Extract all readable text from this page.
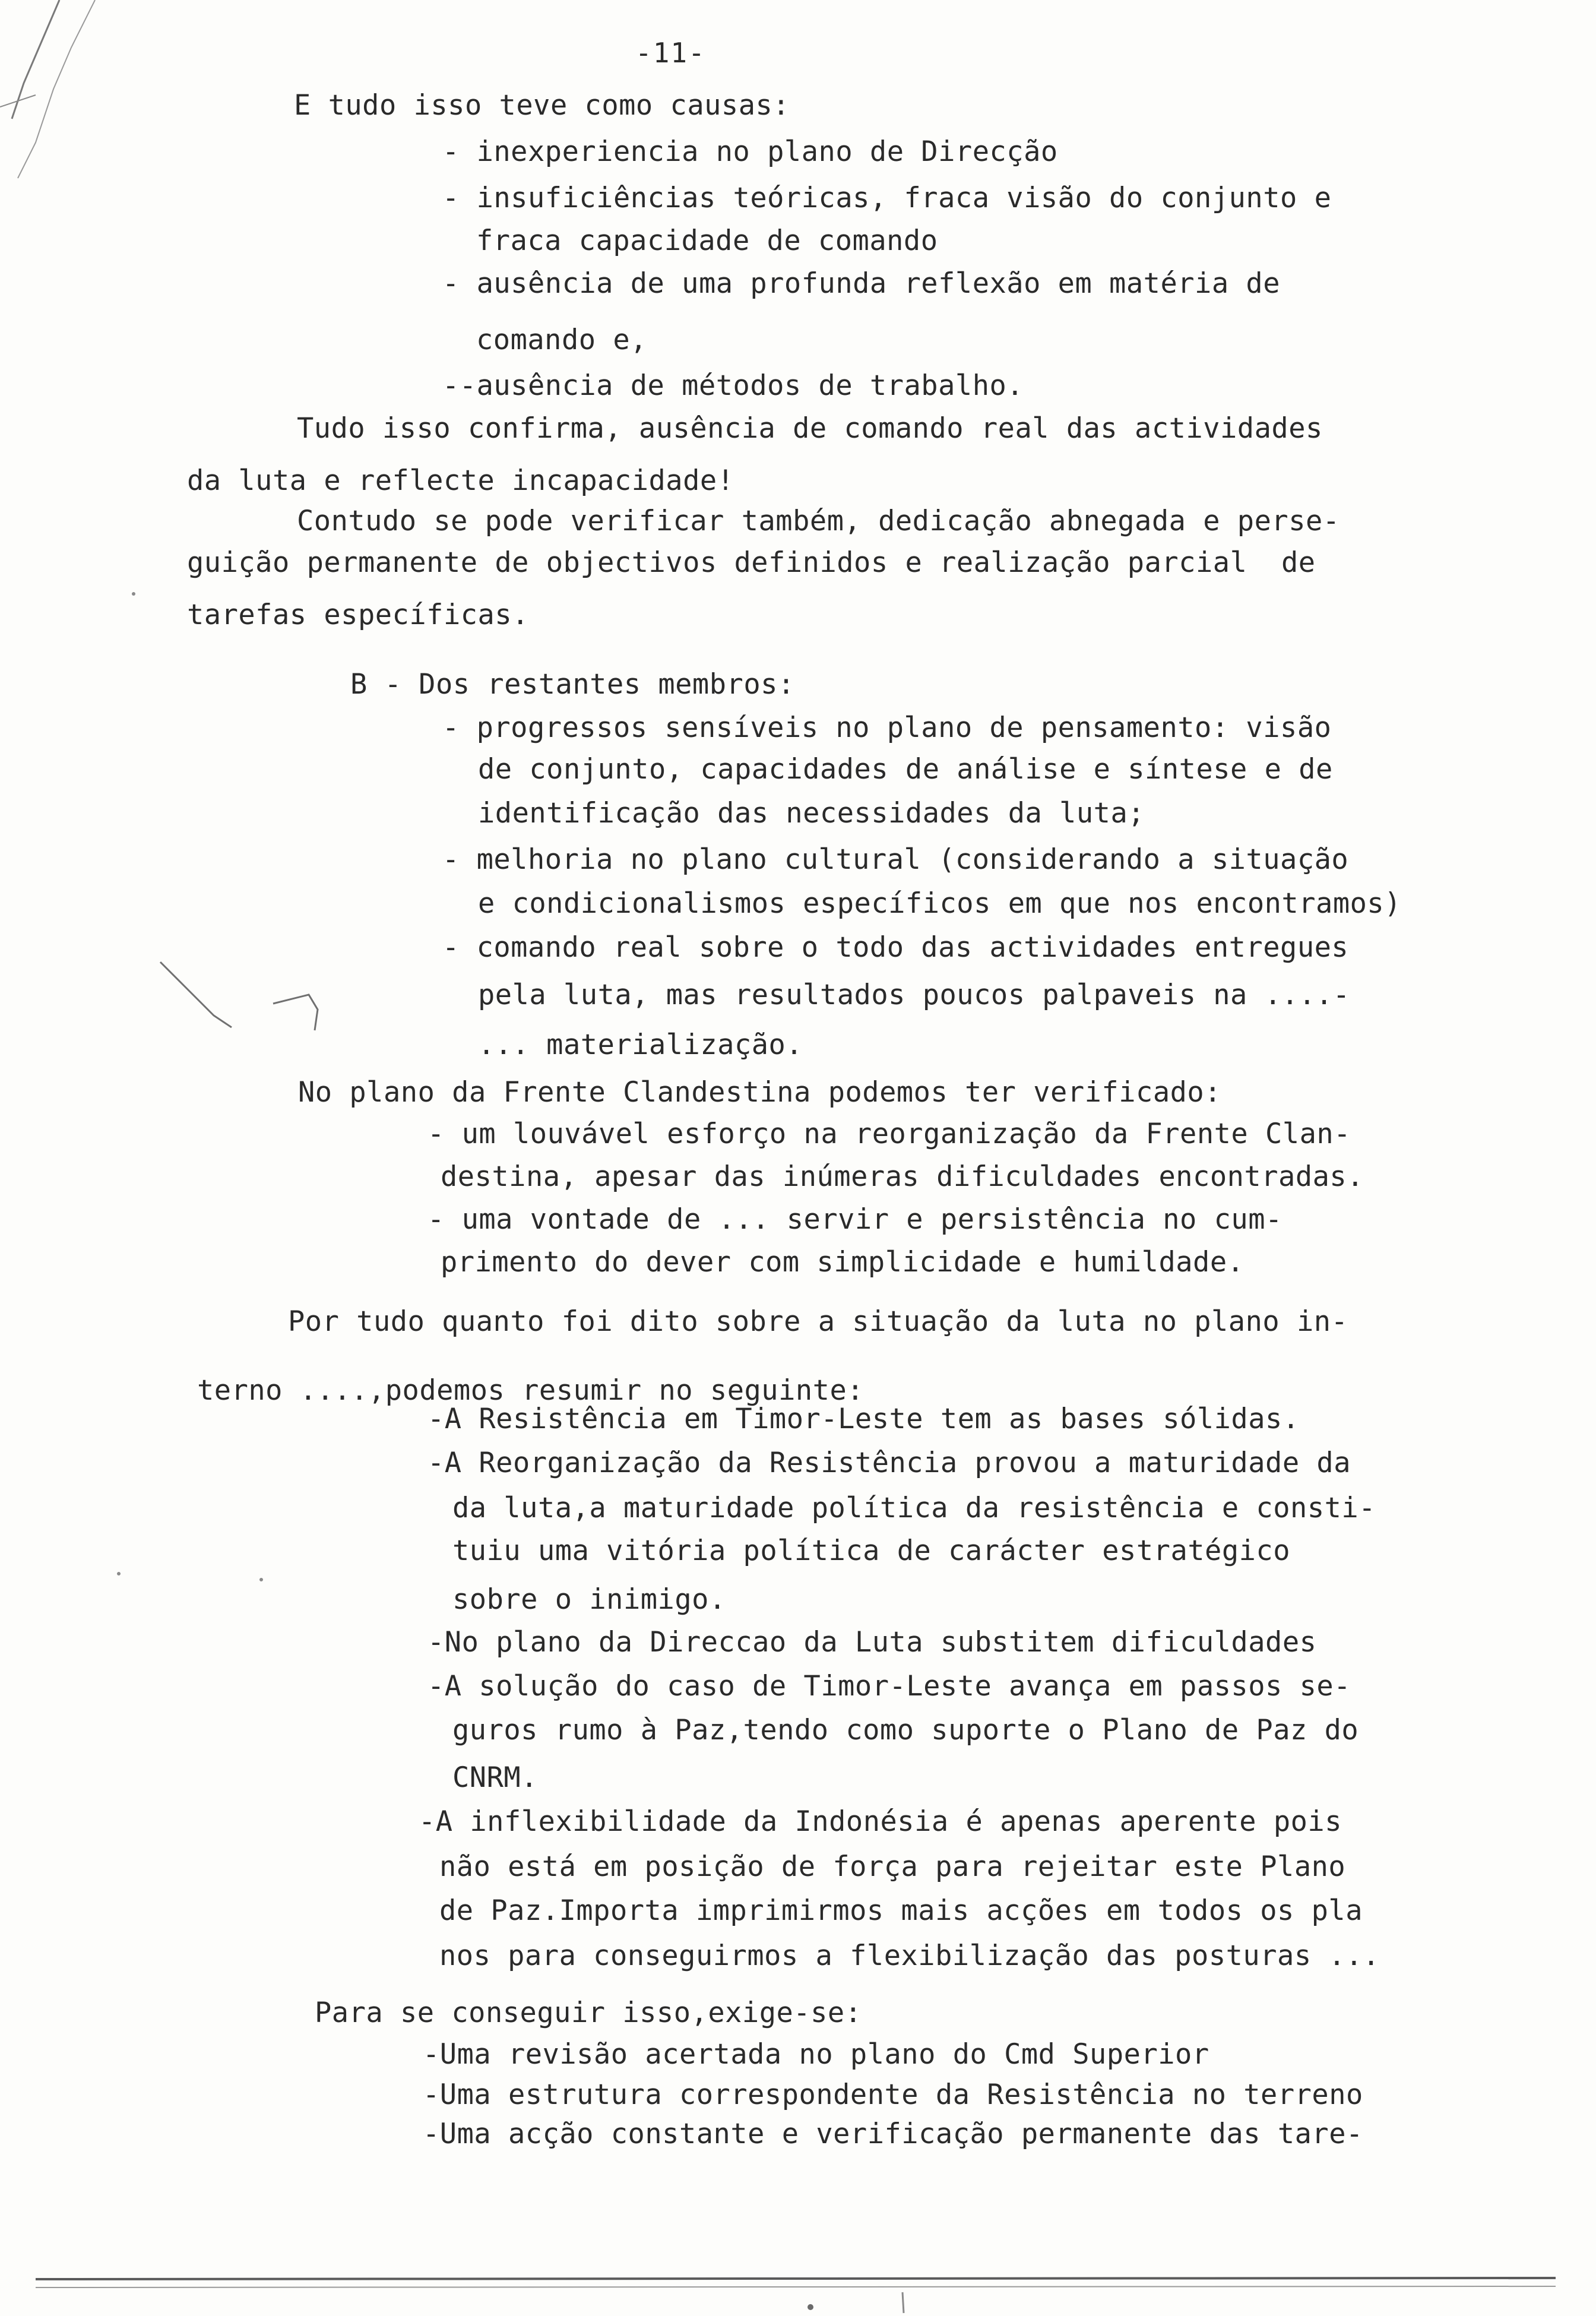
-11-
E tudo isso teve como causas:
- inexperiencia no plano de Direcção
- insuficiências teóricas, fraca visão do conjunto e
fraca capacidade de comando
- ausência de uma profunda reflexão em matéria de
comando e,
--ausência de métodos de trabalho.
Tudo isso confirma, ausência de comando real das actividades
da luta e reflecte incapacidade!
Contudo se pode verificar também, dedicação abnegada e perse-
guição permanente de objectivos definidos e realização parcial  de
tarefas específicas.
B - Dos restantes membros:
- progressos sensíveis no plano de pensamento: visão
de conjunto, capacidades de análise e síntese e de
identificação das necessidades da luta;
- melhoria no plano cultural (considerando a situação
e condicionalismos específicos em que nos encontramos)
- comando real sobre o todo das actividades entregues
pela luta, mas resultados poucos palpaveis na ....-
... materialização.
No plano da Frente Clandestina podemos ter verificado:
- um louvável esforço na reorganização da Frente Clan-
destina, apesar das inúmeras dificuldades encontradas.
- uma vontade de ... servir e persistência no cum-
primento do dever com simplicidade e humildade.
Por tudo quanto foi dito sobre a situação da luta no plano in-
terno ....,podemos resumir no seguinte:
-A Resistência em Timor-Leste tem as bases sólidas.
-A Reorganização da Resistência provou a maturidade da
da luta,a maturidade política da resistência e consti-
tuiu uma vitória política de carácter estratégico
sobre o inimigo.
-No plano da Direccao da Luta substitem dificuldades
-A solução do caso de Timor-Leste avança em passos se-
guros rumo à Paz,tendo como suporte o Plano de Paz do
CNRM.
-A inflexibilidade da Indonésia é apenas aperente pois
não está em posição de força para rejeitar este Plano
de Paz.Importa imprimirmos mais acções em todos os pla
nos para conseguirmos a flexibilização das posturas ...
Para se conseguir isso,exige-se:
-Uma revisão acertada no plano do Cmd Superior
-Uma estrutura correspondente da Resistência no terreno
-Uma acção constante e verificação permanente das tare-
